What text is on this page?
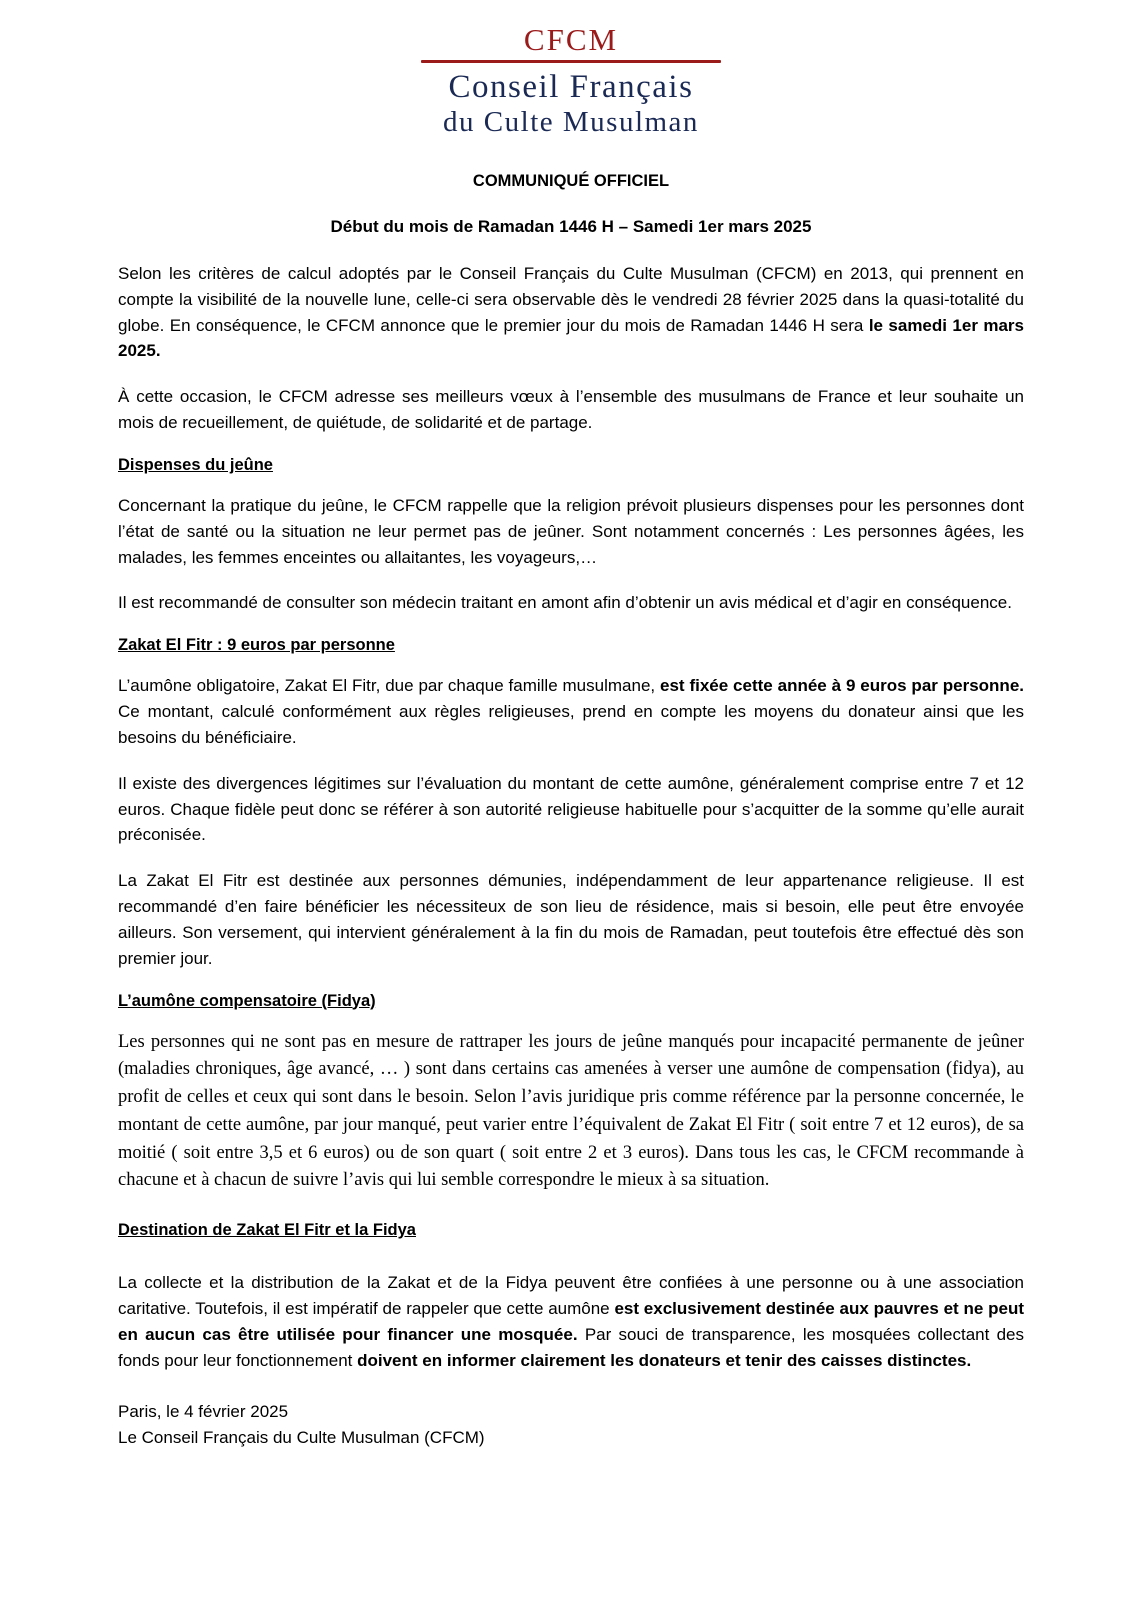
CFCM
Conseil Français
du Culte Musulman
COMMUNIQUÉ OFFICIEL
Début du mois de Ramadan 1446 H – Samedi 1er mars 2025

Selon les critères de calcul adoptés par le Conseil Français du Culte Musulman (CFCM) en 2013, qui prennent en compte la visibilité de la nouvelle lune, celle-ci sera observable dès le vendredi 28 février 2025 dans la quasi-totalité du globe. En conséquence, le CFCM annonce que le premier jour du mois de Ramadan 1446 H sera le samedi 1er mars 2025.

À cette occasion, le CFCM adresse ses meilleurs vœux à l’ensemble des musulmans de France et leur souhaite un mois de recueillement, de quiétude, de solidarité et de partage.

Dispenses du jeûne

Concernant la pratique du jeûne, le CFCM rappelle que la religion prévoit plusieurs dispenses pour les personnes dont l’état de santé ou la situation ne leur permet pas de jeûner. Sont notamment concernés : Les personnes âgées, les malades, les femmes enceintes ou allaitantes, les voyageurs,…

Il est recommandé de consulter son médecin traitant en amont afin d’obtenir un avis médical et d’agir en conséquence.

Zakat El Fitr : 9 euros par personne

L’aumône obligatoire, Zakat El Fitr, due par chaque famille musulmane, est fixée cette année à 9 euros par personne. Ce montant, calculé conformément aux règles religieuses, prend en compte les moyens du donateur ainsi que les besoins du bénéficiaire.

Il existe des divergences légitimes sur l’évaluation du montant de cette aumône, généralement comprise entre 7 et 12 euros. Chaque fidèle peut donc se référer à son autorité religieuse habituelle pour s’acquitter de la somme qu’elle aurait préconisée.

La Zakat El Fitr est destinée aux personnes démunies, indépendamment de leur appartenance religieuse. Il est recommandé d’en faire bénéficier les nécessiteux de son lieu de résidence, mais si besoin, elle peut être envoyée ailleurs. Son versement, qui intervient généralement à la fin du mois de Ramadan, peut toutefois être effectué dès son premier jour.

L’aumône compensatoire (Fidya)

Les personnes qui ne sont pas en mesure de rattraper les jours de jeûne manqués pour incapacité permanente de jeûner (maladies chroniques, âge avancé, … ) sont dans certains cas amenées à verser une aumône de compensation (fidya), au profit de celles et ceux qui sont dans le besoin. Selon l’avis juridique pris comme référence par la personne concernée, le montant de cette aumône, par jour manqué, peut varier entre l’équivalent de Zakat El Fitr ( soit entre 7 et 12 euros), de sa moitié ( soit entre 3,5 et 6 euros) ou de son quart ( soit entre 2 et 3 euros). Dans tous les cas, le CFCM recommande à chacune et à chacun de suivre l’avis qui lui semble correspondre le mieux à sa situation.

Destination de Zakat El Fitr et la Fidya

La collecte et la distribution de la Zakat et de la Fidya peuvent être confiées à une personne ou à une association caritative. Toutefois, il est impératif de rappeler que cette aumône est exclusivement destinée aux pauvres et ne peut en aucun cas être utilisée pour financer une mosquée. Par souci de transparence, les mosquées collectant des fonds pour leur fonctionnement doivent en informer clairement les donateurs et tenir des caisses distinctes.

Paris, le 4 février 2025
Le Conseil Français du Culte Musulman (CFCM)
